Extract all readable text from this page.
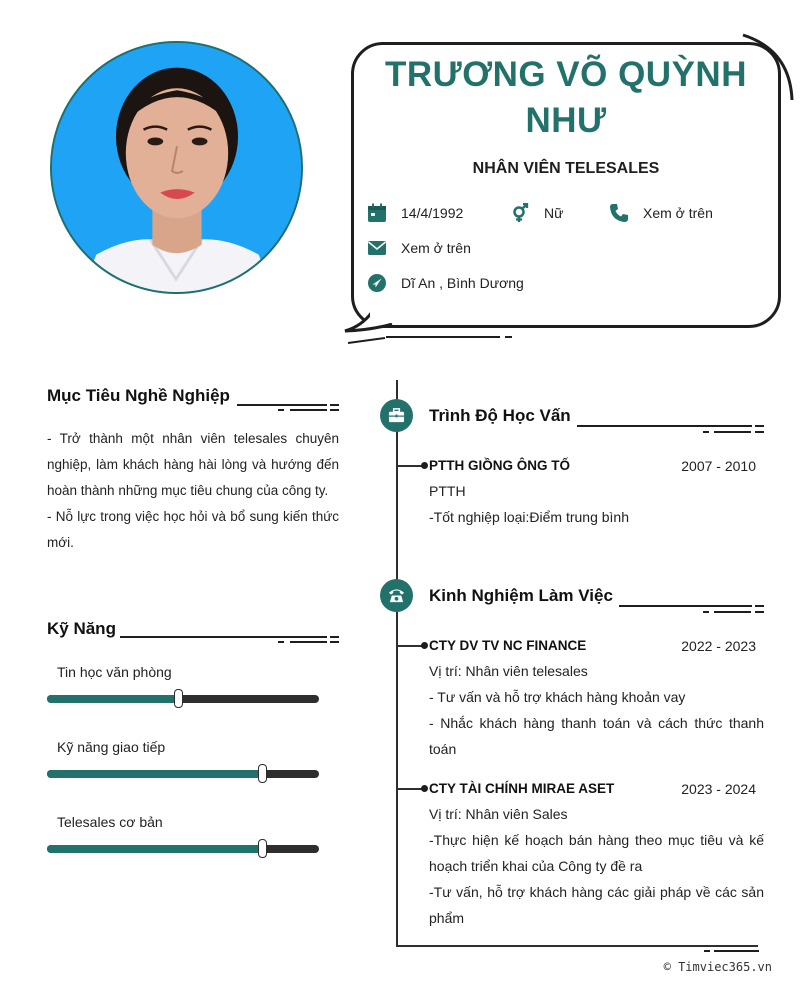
TRƯƠNG VÕ QUỲNH
NHƯ
NHÂN VIÊN TELESALES
14/4/1992	Nữ	Xem ở trên
Xem ở trên
Dĩ An , Bình Dương
Mục Tiêu Nghề Nghiệp
- Trở thành một nhân viên telesales chuyên nghiệp, làm khách hàng hài lòng và hướng đến hoàn thành những mục tiêu chung của công ty.
- Nỗ lực trong việc học hỏi và bổ sung kiến thức mới.
Kỹ Năng
Tin học văn phòng
Kỹ năng giao tiếp
Telesales cơ bản
Trình Độ Học Vấn
PTTH GIỒNG ÔNG TỐ	2007 - 2010
PTTH
-Tốt nghiệp loại:Điểm trung bình
Kinh Nghiệm Làm Việc
CTY DV TV NC FINANCE	2022 - 2023
Vị trí: Nhân viên telesales
- Tư vấn và hỗ trợ khách hàng khoản vay
- Nhắc khách hàng thanh toán và cách thức thanh toán
CTY TÀI CHÍNH MIRAE ASET	2023 - 2024
Vị trí: Nhân viên Sales
-Thực hiện kế hoạch bán hàng theo mục tiêu và kế hoạch triển khai của Công ty đề ra
-Tư vấn, hỗ trợ khách hàng các giải pháp về các sản phẩm
© Timviec365.vn
